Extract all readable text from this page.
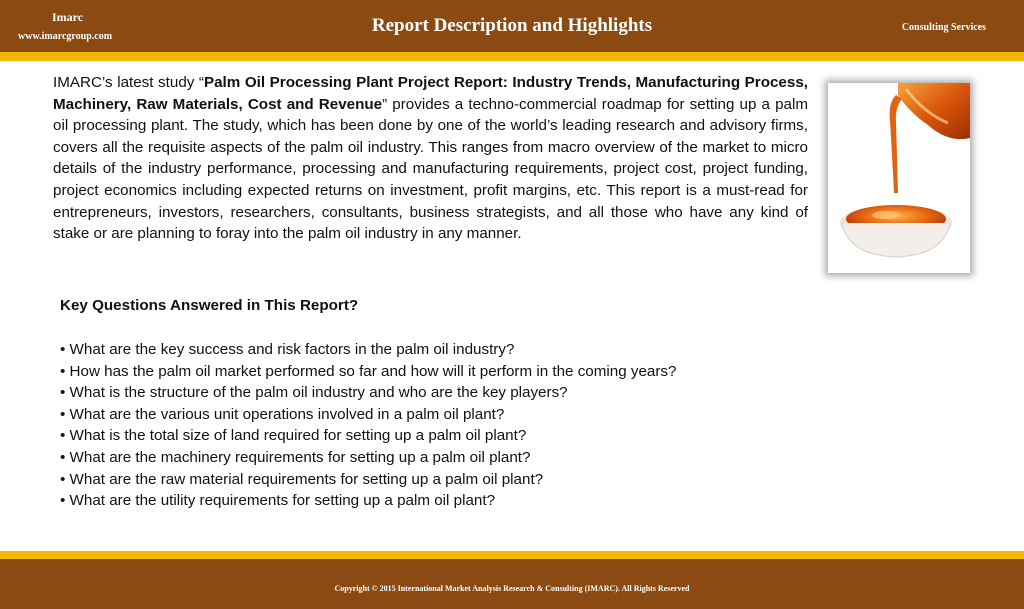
Imarc
www.imarcgroup.com
Report Description and Highlights	Consulting Services
IMARC’s latest study “Palm Oil Processing Plant Project Report: Industry Trends, Manufacturing Process, Machinery, Raw Materials, Cost and Revenue” provides a techno-commercial roadmap for setting up a palm oil processing plant. The study, which has been done by one of the world’s leading research and advisory firms, covers all the requisite aspects of the palm oil industry. This ranges from macro overview of the market to micro details of the industry performance, processing and manufacturing requirements, project cost, project funding, project economics including expected returns on investment, profit margins, etc. This report is a must-read for entrepreneurs, investors, researchers, consultants, business strategists, and all those who have any kind of stake or are planning to foray into the palm oil industry in any manner.
Key Questions Answered in This Report?
• What are the key success and risk factors in the palm oil industry?
• How has the palm oil market performed so far and how will it perform in the coming years?
• What is the structure of the palm oil industry and who are the key players?
• What are the various unit operations involved in a palm oil plant?
• What is the total size of land required for setting up a palm oil plant?
• What are the machinery requirements for setting up a palm oil plant?
• What are the raw material requirements for setting up a palm oil plant?
• What are the utility requirements for setting up a palm oil plant?
Copyright © 2015 International Market Analysis Research & Consulting (IMARC). All Rights Reserved
